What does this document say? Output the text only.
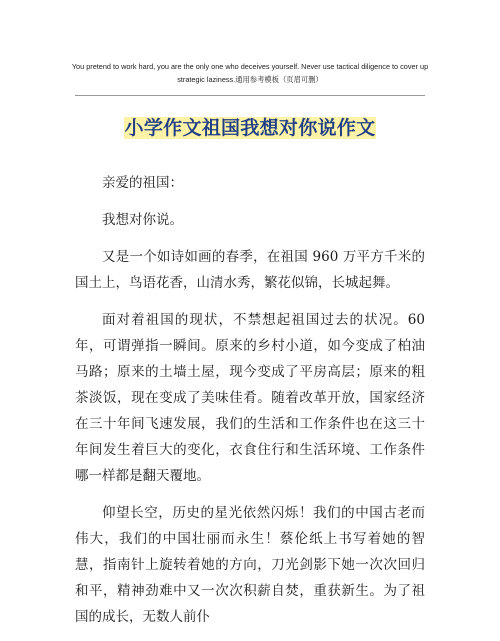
You pretend to work hard, you are the only one who deceives yourself. Never use tactical diligence to cover up
strategic laziness.通用参考模板（页眉可删）
小学作文祖国我想对你说作文

亲爱的祖国：

我想对你说。

又是一个如诗如画的春季，在祖国 960 万平方千米的国土上，鸟语花香，山清水秀，繁花似锦，长城起舞。

面对着祖国的现状，不禁想起祖国过去的状况。60 年，可谓弹指一瞬间。原来的乡村小道，如今变成了柏油马路；原来的土墙土屋，现今变成了平房高层；原来的粗茶淡饭，现在变成了美味佳肴。随着改革开放，国家经济在三十年间飞速发展，我们的生活和工作条件也在这三十年间发生着巨大的变化，衣食住行和生活环境、工作条件哪一样都是翻天覆地。

仰望长空，历史的星光依然闪烁！我们的中国古老而伟大，我们的中国壮丽而永生！蔡伦纸上书写着她的智慧，指南针上旋转着她的方向，刀光剑影下她一次次回归和平，精神劲难中又一次次积薪自焚，重获新生。为了祖国的成长，无数人前仆
